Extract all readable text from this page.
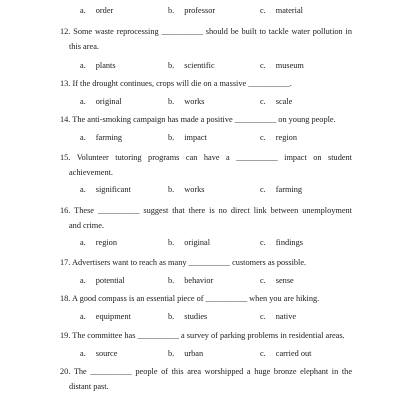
a. order	b. professor	c. material
12. Some waste reprocessing __________ should be built to tackle water pollution in
this area.
a. plants	b. scientific	c. museum
13. If the drought continues, crops will die on a massive __________.
a. original	b. works	c. scale
14. The anti-smoking campaign has made a positive __________ on young people.
a. farming	b. impact	c. region
15. Volunteer tutoring programs can have a __________ impact on student
achievement.
a. significant	b. works	c. farming
16. These __________ suggest that there is no direct link between unemployment
and crime.
a. region	b. original	c. findings
17. Advertisers want to reach as many __________ customers as possible.
a. potential	b. behavior	c. sense
18. A good compass is an essential piece of __________ when you are hiking.
a. equipment	b. studies	c. native
19. The committee has __________ a survey of parking problems in residential areas.
a. source	b. urban	c. carried out
20. The __________ people of this area worshipped a huge bronze elephant in the
distant past.
